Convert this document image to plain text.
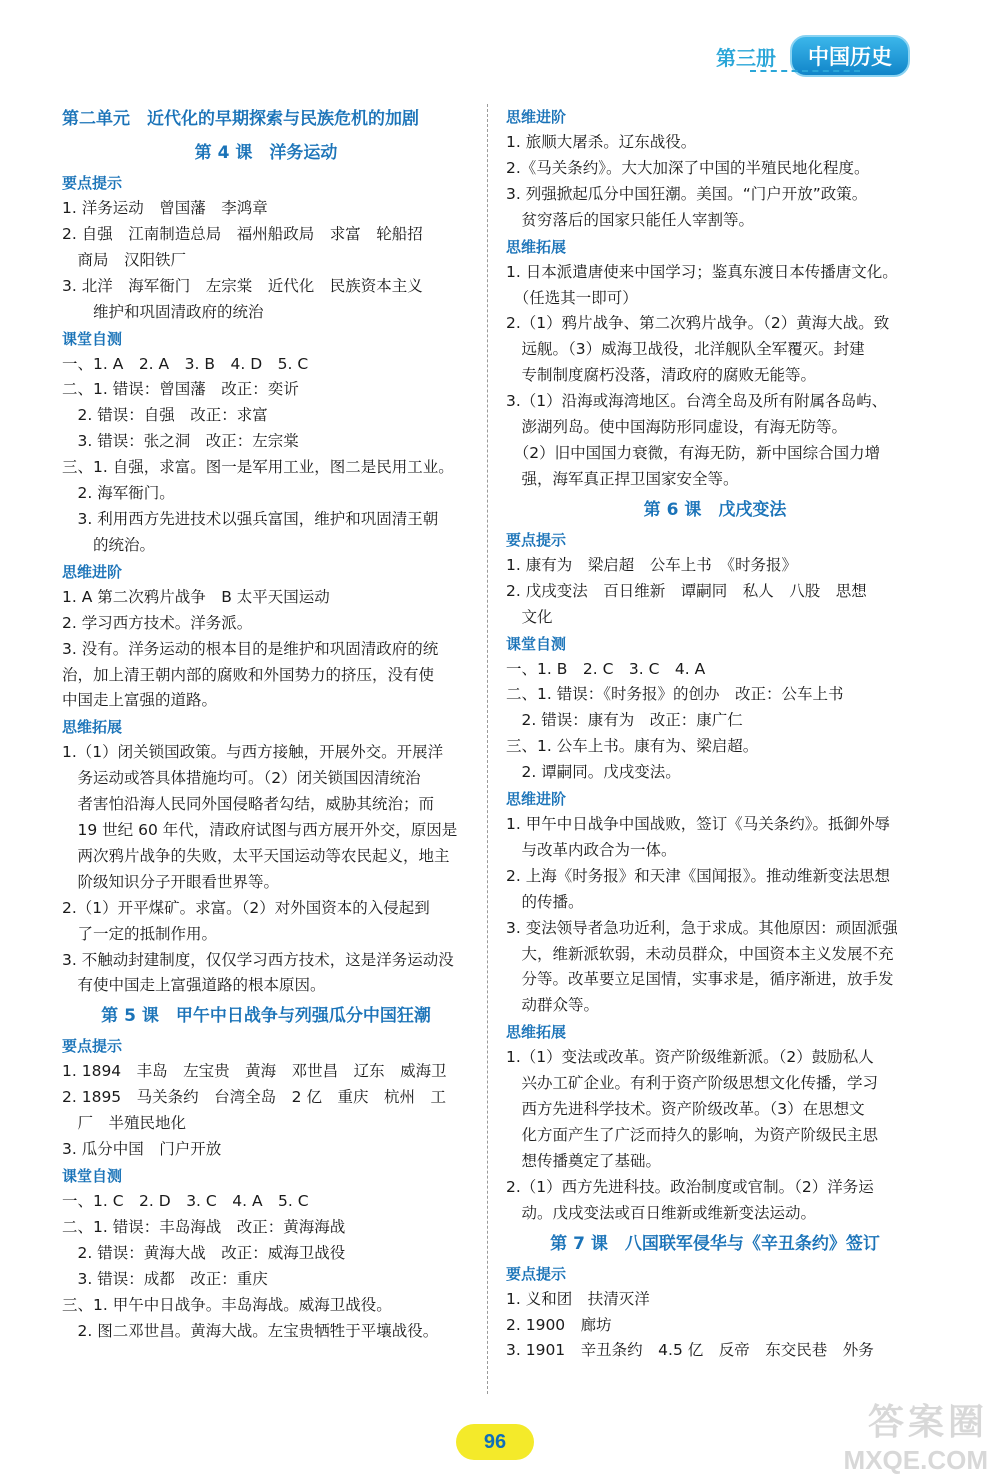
第三册	中国历史
第二单元　近代化的早期探索与民族危机的加剧
第 4 课　洋务运动
要点提示
1. 洋务运动　曾国藩　李鸿章
2. 自强　江南制造总局　福州船政局　求富　轮船招
　商局　汉阳铁厂
3. 北洋　海军衙门　左宗棠　近代化　民族资本主义
　　维护和巩固清政府的统治
课堂自测
一、1. A　2. A　3. B　4. D　5. C
二、1. 错误：曾国藩　改正：奕䜣
　2. 错误：自强　改正：求富
　3. 错误：张之洞　改正：左宗棠
三、1. 自强，求富。图一是军用工业，图二是民用工业。
　2. 海军衙门。
　3. 利用西方先进技术以强兵富国，维护和巩固清王朝
　　的统治。
思维进阶
1. A 第二次鸦片战争　B 太平天国运动
2. 学习西方技术。洋务派。
3. 没有。洋务运动的根本目的是维护和巩固清政府的统
治，加上清王朝内部的腐败和外国势力的挤压，没有使
中国走上富强的道路。
思维拓展
1.（1）闭关锁国政策。与西方接触，开展外交。开展洋
　务运动或答具体措施均可。（2）闭关锁国因清统治
　者害怕沿海人民同外国侵略者勾结，威胁其统治；而
　19 世纪 60 年代，清政府试图与西方展开外交，原因是
　两次鸦片战争的失败，太平天国运动等农民起义，地主
　阶级知识分子开眼看世界等。
2.（1）开平煤矿。求富。（2）对外国资本的入侵起到
　了一定的抵制作用。
3. 不触动封建制度，仅仅学习西方技术，这是洋务运动没
　有使中国走上富强道路的根本原因。
第 5 课　甲午中日战争与列强瓜分中国狂潮
要点提示
1. 1894　丰岛　左宝贵　黄海　邓世昌　辽东　威海卫
2. 1895　马关条约　台湾全岛　2 亿　重庆　杭州　工
　厂　半殖民地化
3. 瓜分中国　门户开放
课堂自测
一、1. C　2. D　3. C　4. A　5. C
二、1. 错误：丰岛海战　改正：黄海海战
　2. 错误：黄海大战　改正：威海卫战役
　3. 错误：成都　改正：重庆
三、1. 甲午中日战争。丰岛海战。威海卫战役。
　2. 图二邓世昌。黄海大战。左宝贵牺牲于平壤战役。
思维进阶
1. 旅顺大屠杀。辽东战役。
2.《马关条约》。大大加深了中国的半殖民地化程度。
3. 列强掀起瓜分中国狂潮。美国。“门户开放”政策。
　贫穷落后的国家只能任人宰割等。
思维拓展
1. 日本派遣唐使来中国学习；鉴真东渡日本传播唐文化。
　（任选其一即可）
2.（1）鸦片战争、第二次鸦片战争。（2）黄海大战。致
　远舰。（3）威海卫战役，北洋舰队全军覆灭。封建
　专制制度腐朽没落，清政府的腐败无能等。
3.（1）沿海或海湾地区。台湾全岛及所有附属各岛屿、
　澎湖列岛。使中国海防形同虚设，有海无防等。
　（2）旧中国国力衰微，有海无防，新中国综合国力增
　强，海军真正捍卫国家安全等。
第 6 课　戊戌变法
要点提示
1. 康有为　梁启超　公车上书　《时务报》
2. 戊戌变法　百日维新　谭嗣同　私人　八股　思想
　文化
课堂自测
一、1. B　2. C　3. C　4. A
二、1. 错误：《时务报》的创办　改正：公车上书
　2. 错误：康有为　改正：康广仁
三、1. 公车上书。康有为、梁启超。
　2. 谭嗣同。戊戌变法。
思维进阶
1. 甲午中日战争中国战败，签订《马关条约》。抵御外辱
　与改革内政合为一体。
2. 上海《时务报》和天津《国闻报》。推动维新变法思想
　的传播。
3. 变法领导者急功近利，急于求成。其他原因：顽固派强
　大，维新派软弱，未动员群众，中国资本主义发展不充
　分等。改革要立足国情，实事求是，循序渐进，放手发
　动群众等。
思维拓展
1.（1）变法或改革。资产阶级维新派。（2）鼓励私人
　兴办工矿企业。有利于资产阶级思想文化传播，学习
　西方先进科学技术。资产阶级改革。（3）在思想文
　化方面产生了广泛而持久的影响，为资产阶级民主思
　想传播奠定了基础。
2.（1）西方先进科技。政治制度或官制。（2）洋务运
　动。戊戌变法或百日维新或维新变法运动。
第 7 课　八国联军侵华与《辛丑条约》签订
要点提示
1. 义和团　扶清灭洋
2. 1900　廊坊
3. 1901　辛丑条约　4.5 亿　反帝　东交民巷　外务
96	答案圈
MXQE.COM
